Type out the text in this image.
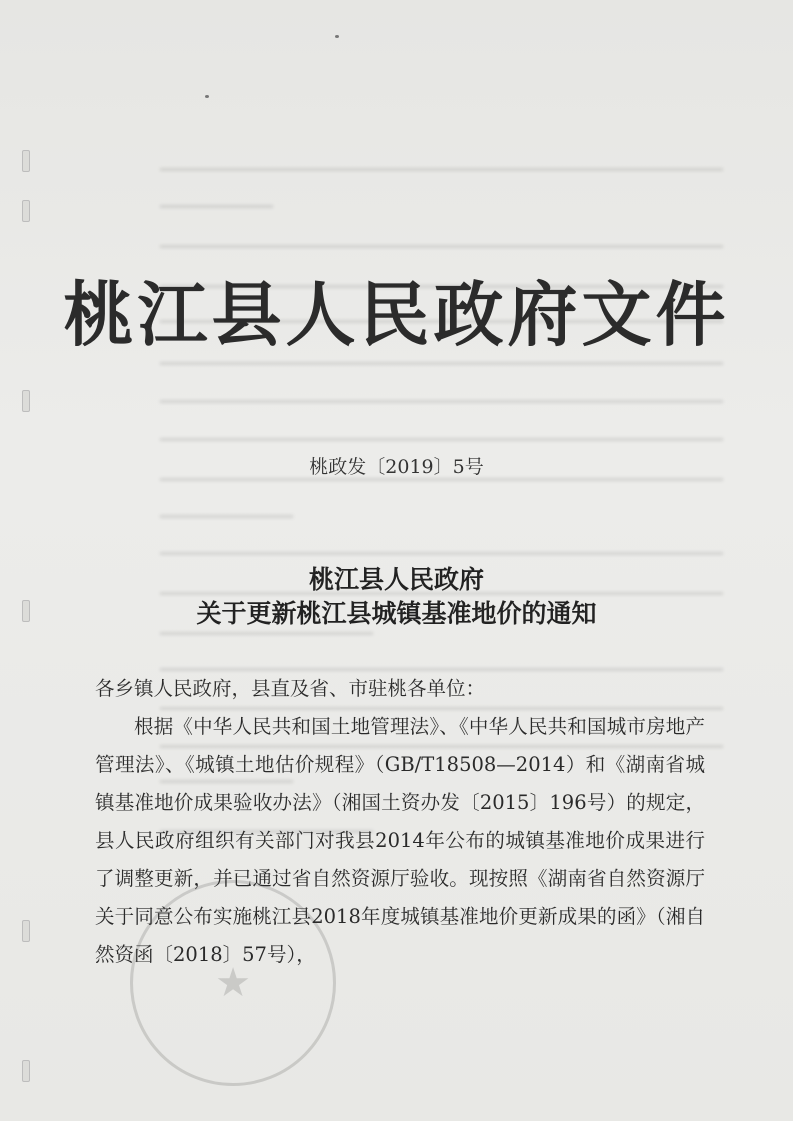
★
桃江县人民政府文件
桃政发〔2019〕5号
桃江县人民政府
关于更新桃江县城镇基准地价的通知

各乡镇人民政府，县直及省、市驻桃各单位：

根据《中华人民共和国土地管理法》、《中华人民共和国城市房地产管理法》、《城镇土地估价规程》（GB/T18508—2014）和《湖南省城镇基准地价成果验收办法》（湘国土资办发〔2015〕196号）的规定，县人民政府组织有关部门对我县2014年公布的城镇基准地价成果进行了调整更新，并已通过省自然资源厅验收。现按照《湖南省自然资源厅关于同意公布实施桃江县2018年度城镇基准地价更新成果的函》（湘自然资函〔2018〕57号），
